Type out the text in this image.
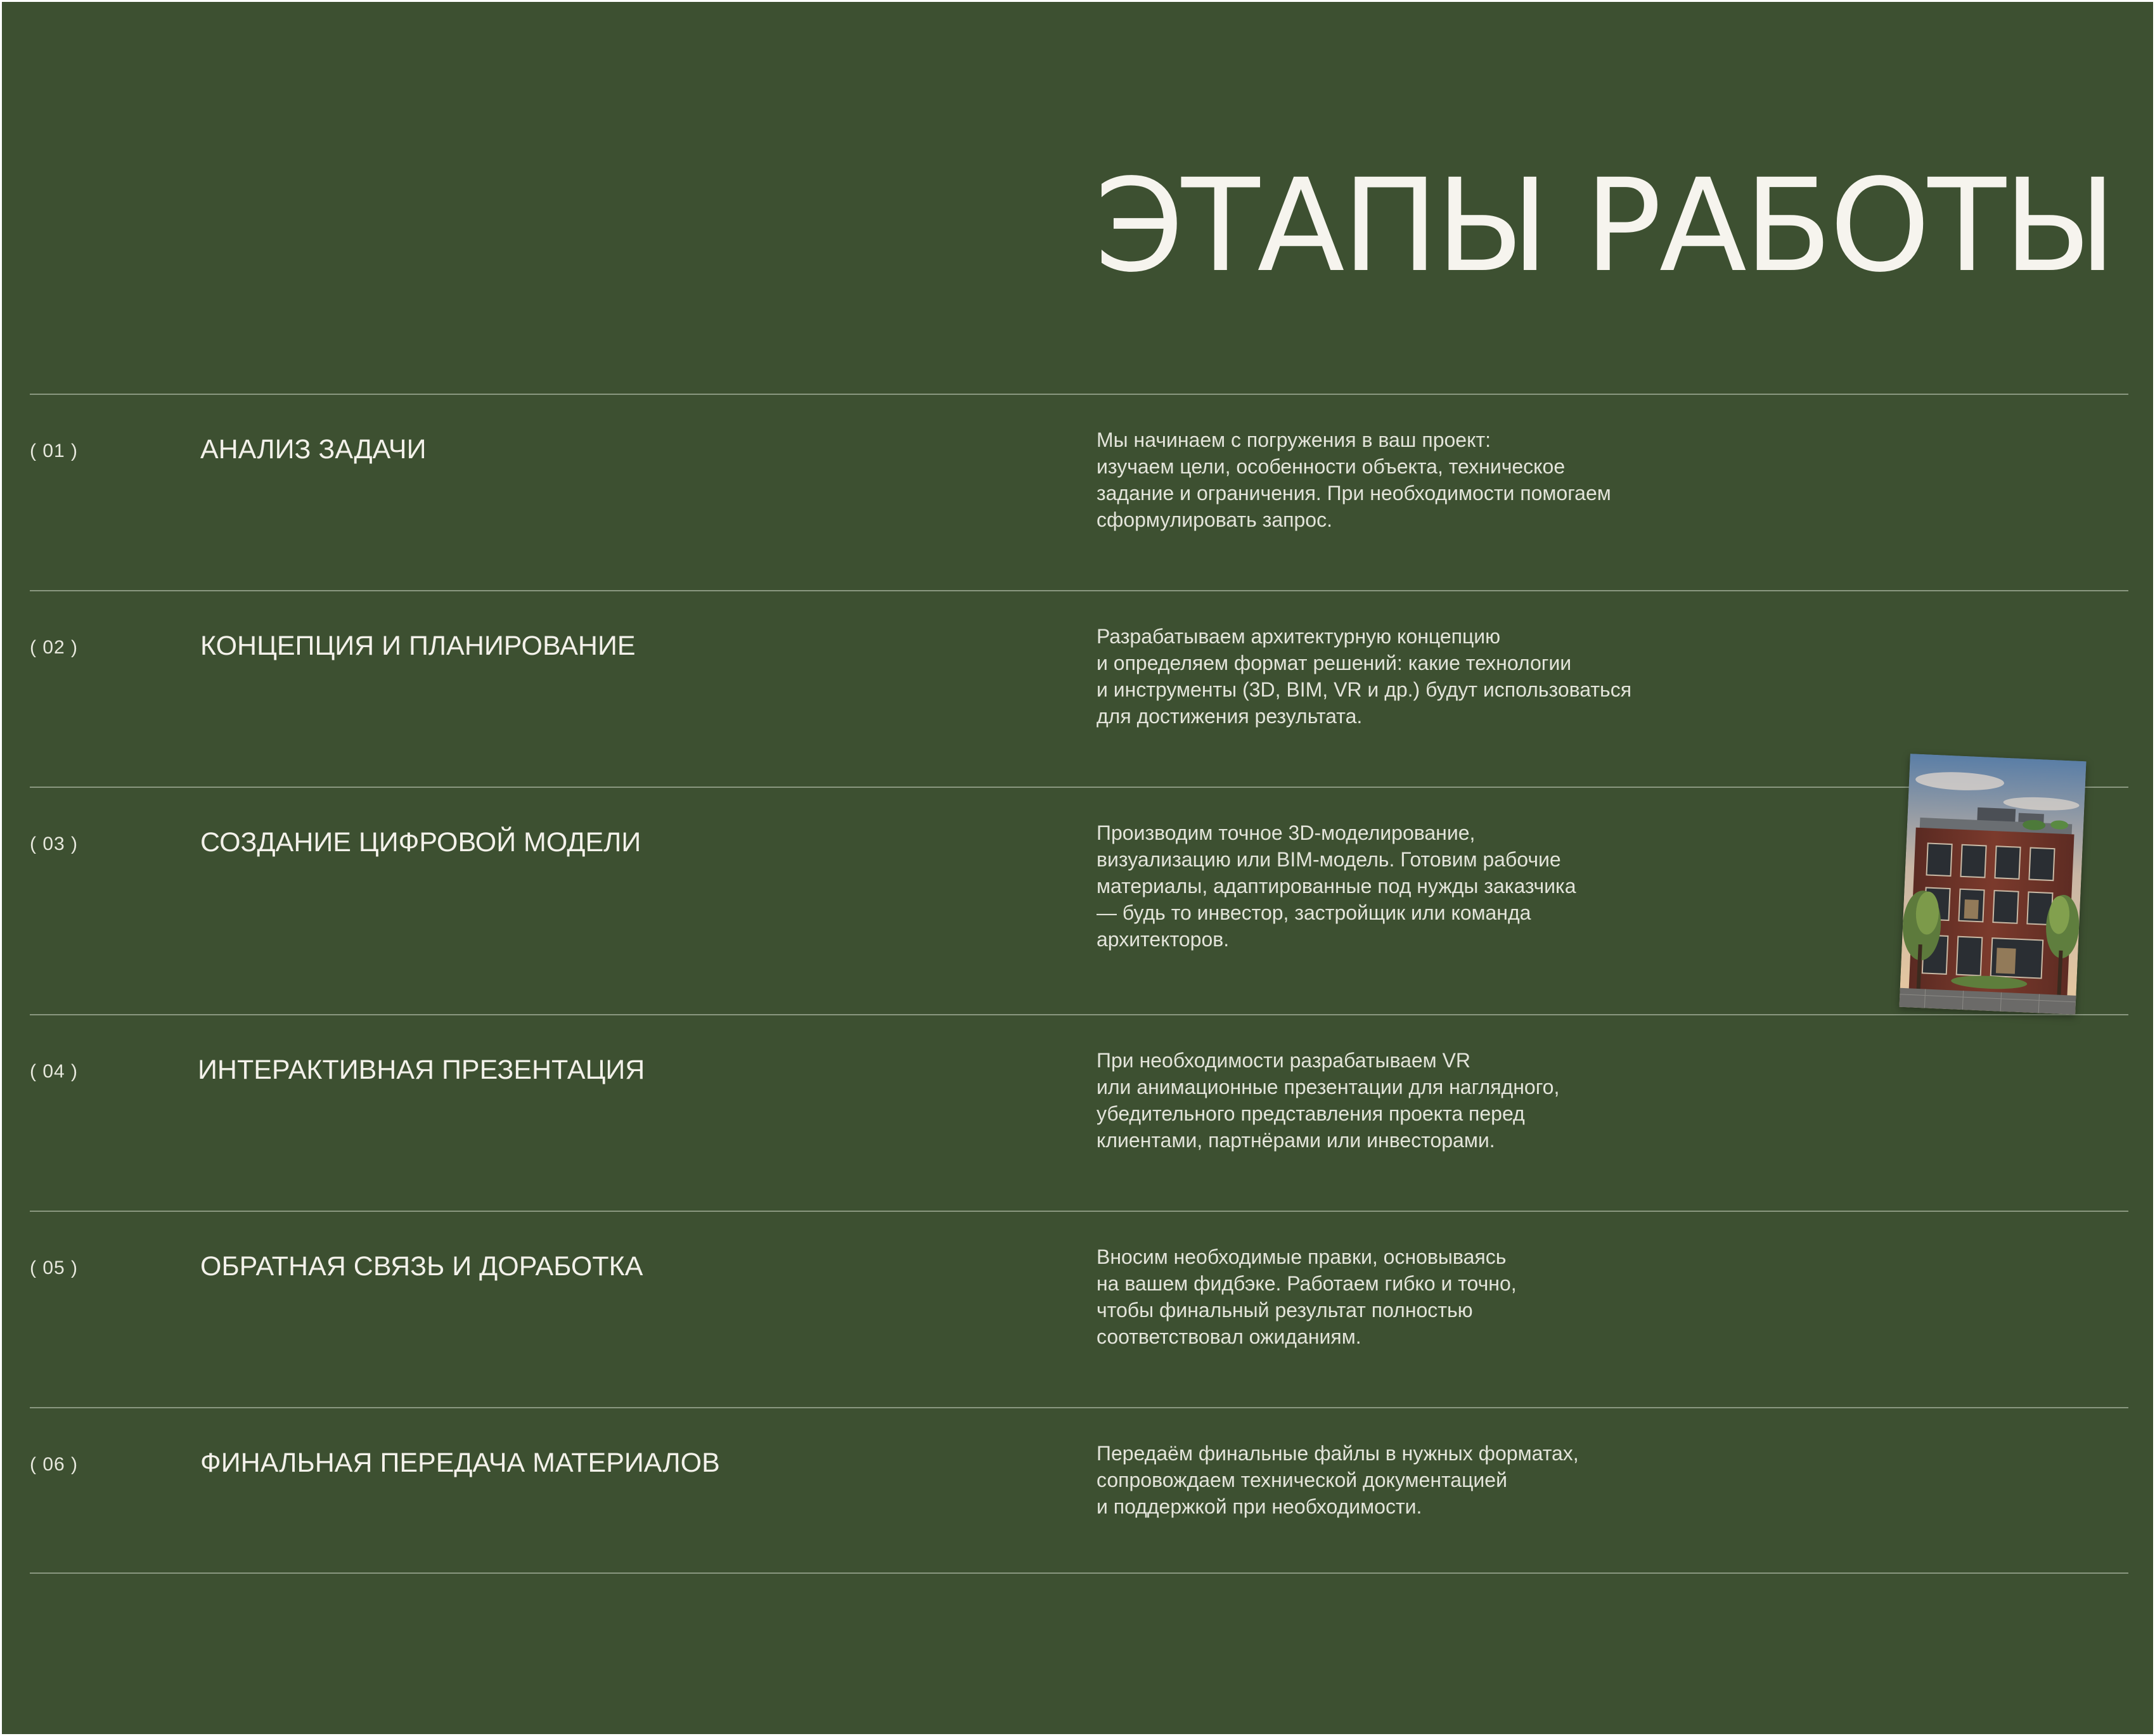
ЭТАПЫ РАБОТЫ
( 01 )	АНАЛИЗ ЗАДАЧИ	Мы начинаем с погружения в ваш проект:
изучаем цели, особенности объекта, техническое
задание и ограничения. При необходимости помогаем
сформулировать запрос.
( 02 )	КОНЦЕПЦИЯ И ПЛАНИРОВАНИЕ	Разрабатываем архитектурную концепцию
и определяем формат решений: какие технологии
и инструменты (3D, BIM, VR и др.) будут использоваться
для достижения результата.
( 03 )	СОЗДАНИЕ ЦИФРОВОЙ МОДЕЛИ	Производим точное 3D-моделирование,
визуализацию или BIM-модель. Готовим рабочие
материалы, адаптированные под нужды заказчика
— будь то инвестор, застройщик или команда
архитекторов.
( 04 )	ИНТЕРАКТИВНАЯ ПРЕЗЕНТАЦИЯ	При необходимости разрабатываем VR
или анимационные презентации для наглядного,
убедительного представления проекта перед
клиентами, партнёрами или инвесторами.
( 05 )	ОБРАТНАЯ СВЯЗЬ И ДОРАБОТКА	Вносим необходимые правки, основываясь
на вашем фидбэке. Работаем гибко и точно,
чтобы финальный результат полностью
соответствовал ожиданиям.
( 06 )	ФИНАЛЬНАЯ ПЕРЕДАЧА МАТЕРИАЛОВ	Передаём финальные файлы в нужных форматах,
сопровождаем технической документацией
и поддержкой при необходимости.
